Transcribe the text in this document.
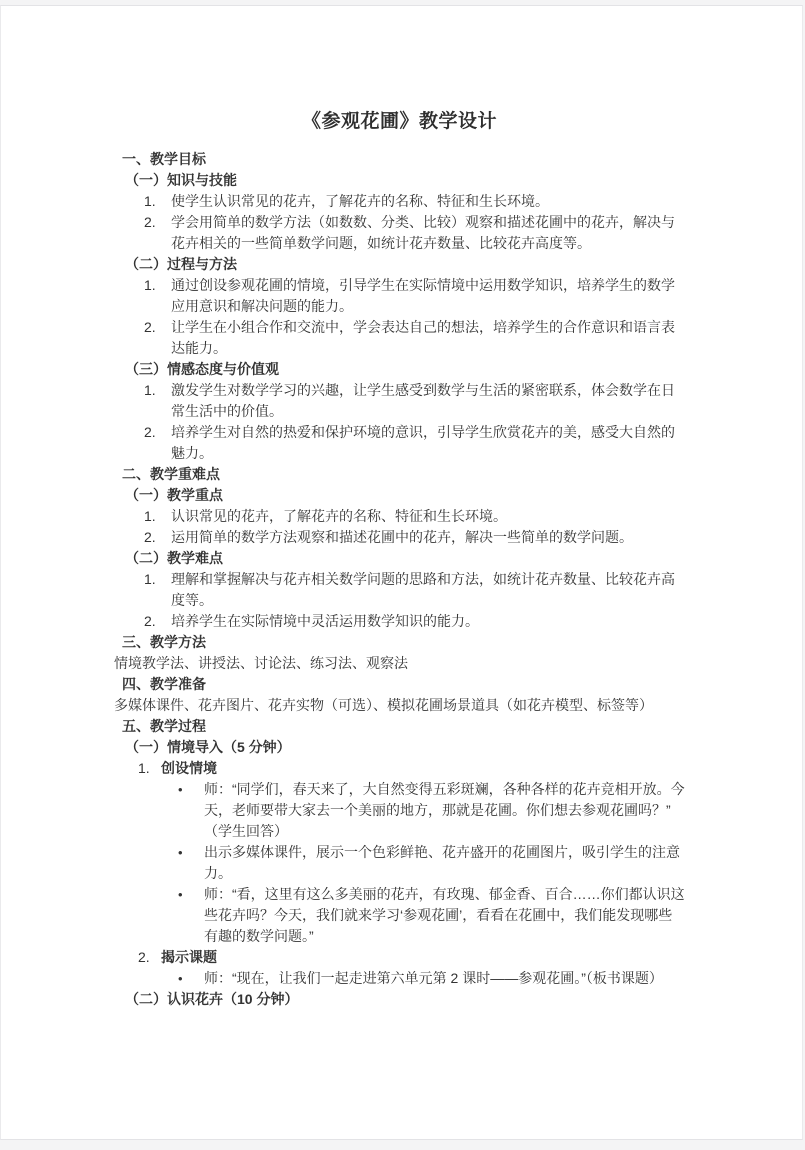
《参观花圃》教学设计
一、教学目标
（一）知识与技能
1. 使学生认识常见的花卉，了解花卉的名称、特征和生长环境。
2. 学会用简单的数学方法（如数数、分类、比较）观察和描述花圃中的花卉，解决与花卉相关的一些简单数学问题，如统计花卉数量、比较花卉高度等。
（二）过程与方法
1. 通过创设参观花圃的情境，引导学生在实际情境中运用数学知识，培养学生的数学应用意识和解决问题的能力。
2. 让学生在小组合作和交流中，学会表达自己的想法，培养学生的合作意识和语言表达能力。
（三）情感态度与价值观
1. 激发学生对数学学习的兴趣，让学生感受到数学与生活的紧密联系，体会数学在日常生活中的价值。
2. 培养学生对自然的热爱和保护环境的意识，引导学生欣赏花卉的美，感受大自然的魅力。
二、教学重难点
（一）教学重点
1. 认识常见的花卉，了解花卉的名称、特征和生长环境。
2. 运用简单的数学方法观察和描述花圃中的花卉，解决一些简单的数学问题。
（二）教学难点
1. 理解和掌握解决与花卉相关数学问题的思路和方法，如统计花卉数量、比较花卉高度等。
2. 培养学生在实际情境中灵活运用数学知识的能力。
三、教学方法
情境教学法、讲授法、讨论法、练习法、观察法
四、教学准备
多媒体课件、花卉图片、花卉实物（可选）、模拟花圃场景道具（如花卉模型、标签等）
五、教学过程
（一）情境导入（5 分钟）
1. 创设情境
• 师：“同学们，春天来了，大自然变得五彩斑斓，各种各样的花卉竞相开放。今天，老师要带大家去一个美丽的地方，那就是花圃。你们想去参观花圃吗？”（学生回答）
• 出示多媒体课件，展示一个色彩鲜艳、花卉盛开的花圃图片，吸引学生的注意力。
• 师：“看，这里有这么多美丽的花卉，有玫瑰、郁金香、百合……你们都认识这些花卉吗？今天，我们就来学习‘参观花圃’，看看在花圃中，我们能发现哪些有趣的数学问题。”
2. 揭示课题
• 师：“现在，让我们一起走进第六单元第 2 课时——参观花圃。”（板书课题）
（二）认识花卉（10 分钟）
